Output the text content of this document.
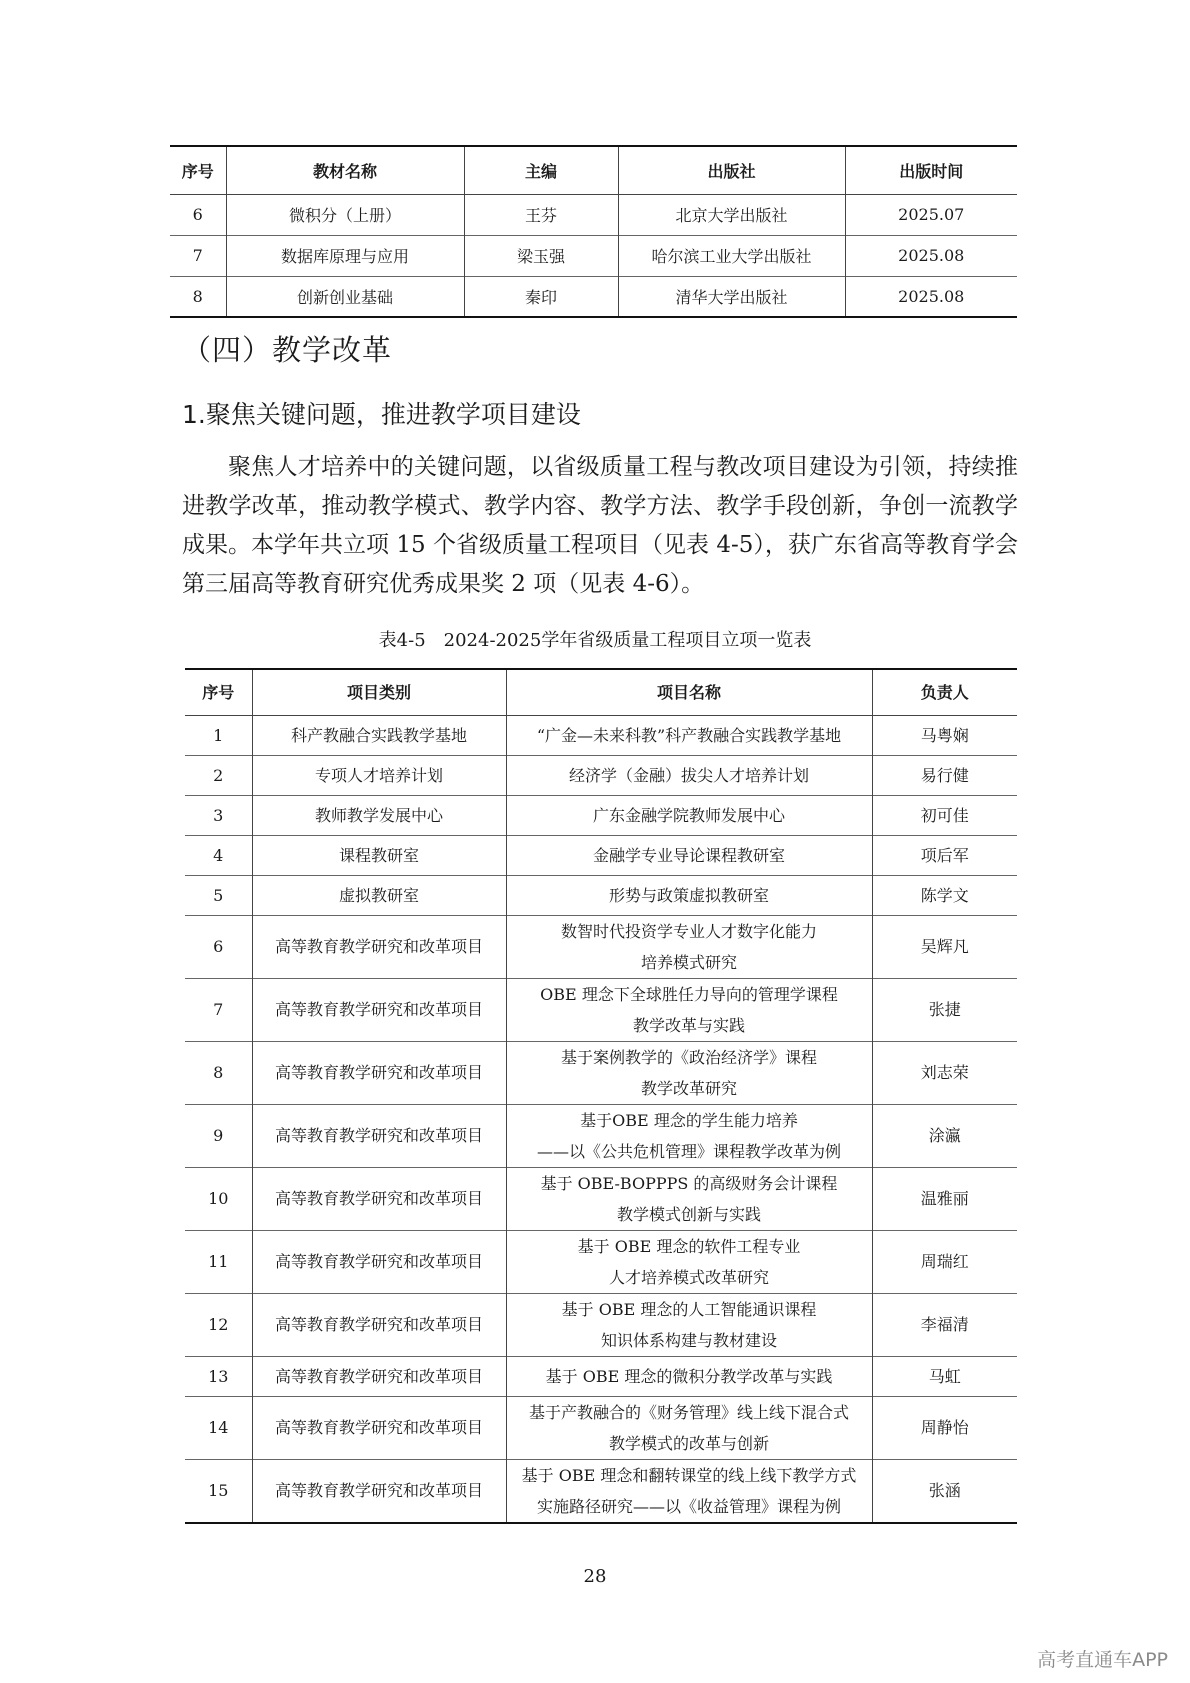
序号	教材名称	主编	出版社	出版时间
6	微积分（上册）	王芬	北京大学出版社	2025.07
7	数据库原理与应用	梁玉强	哈尔滨工业大学出版社	2025.08
8	创新创业基础	秦印	清华大学出版社	2025.08
（四）教学改革
1.聚焦关键问题，推进教学项目建设

聚焦人才培养中的关键问题，以省级质量工程与教改项目建设为引领，持续推进教学改革，推动教学模式、教学内容、教学方法、教学手段创新，争创一流教学成果。本学年共立项 15 个省级质量工程项目（见表 4-5），获广东省高等教育学会第三届高等教育研究优秀成果奖 2 项（见表 4-6）。

表4-5　2024-2025学年省级质量工程项目立项一览表
序号	项目类别	项目名称	负责人
1	科产教融合实践教学基地	“广金—未来科教”科产教融合实践教学基地	马粤娴
2	专项人才培养计划	经济学（金融）拔尖人才培养计划	易行健
3	教师教学发展中心	广东金融学院教师发展中心	初可佳
4	课程教研室	金融学专业导论课程教研室	项后军
5	虚拟教研室	形势与政策虚拟教研室	陈学文
6	高等教育教学研究和改革项目	数智时代投资学专业人才数字化能力
培养模式研究	吴辉凡
7	高等教育教学研究和改革项目	OBE 理念下全球胜任力导向的管理学课程
教学改革与实践	张捷
8	高等教育教学研究和改革项目	基于案例教学的《政治经济学》课程
教学改革研究	刘志荣
9	高等教育教学研究和改革项目	基于OBE 理念的学生能力培养
——以《公共危机管理》课程教学改革为例	涂瀛
10	高等教育教学研究和改革项目	基于 OBE-BOPPPS 的高级财务会计课程
教学模式创新与实践	温雅丽
11	高等教育教学研究和改革项目	基于 OBE 理念的软件工程专业
人才培养模式改革研究	周瑞红
12	高等教育教学研究和改革项目	基于 OBE 理念的人工智能通识课程
知识体系构建与教材建设	李福清
13	高等教育教学研究和改革项目	基于 OBE 理念的微积分教学改革与实践	马虹
14	高等教育教学研究和改革项目	基于产教融合的《财务管理》线上线下混合式
教学模式的改革与创新	周静怡
15	高等教育教学研究和改革项目	基于 OBE 理念和翻转课堂的线上线下教学方式
实施路径研究——以《收益管理》课程为例	张涵
28
高考直通车APP
